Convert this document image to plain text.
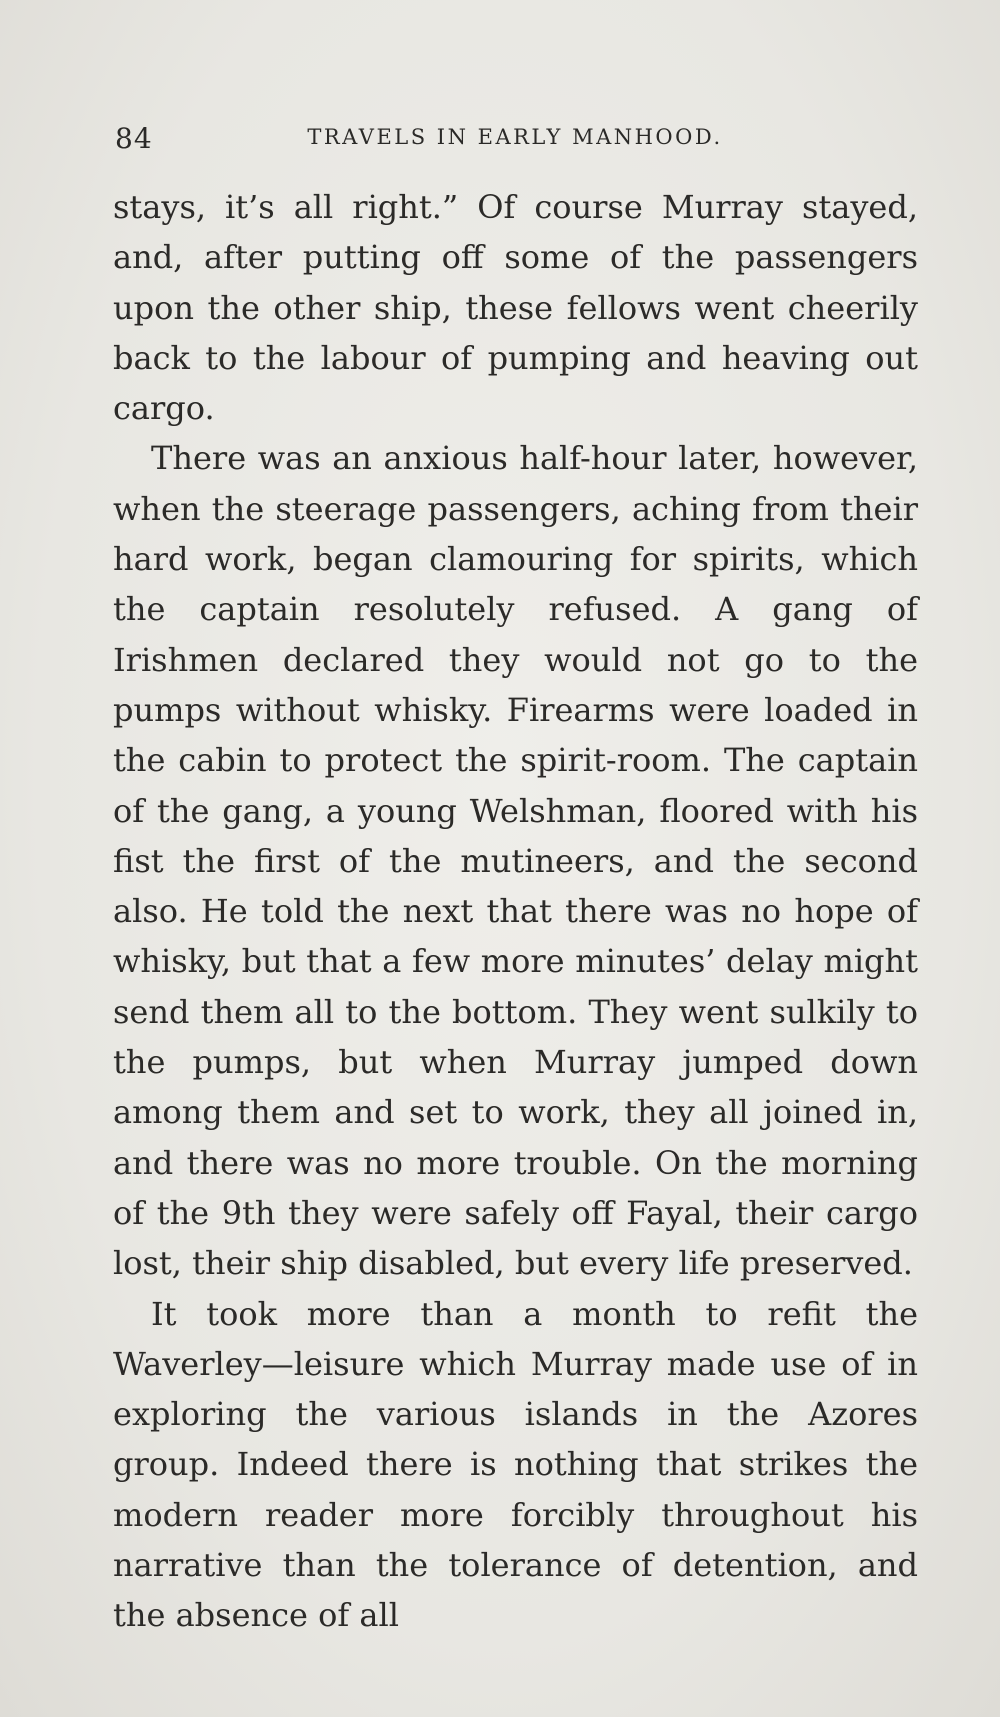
84	TRAVELS IN EARLY MANHOOD.

stays, it’s all right.” Of course Murray stayed, and, after putting off some of the passengers upon the other ship, these fellows went cheerily back to the labour of pumping and heaving out cargo.

There was an anxious half-hour later, however, when the steerage passengers, aching from their hard work, began clamouring for spirits, which the captain resolutely refused. A gang of Irishmen declared they would not go to the pumps without whisky. Firearms were loaded in the cabin to protect the spirit-room. The captain of the gang, a young Welshman, floored with his fist the first of the mutineers, and the second also. He told the next that there was no hope of whisky, but that a few more minutes’ delay might send them all to the bottom. They went sulkily to the pumps, but when Murray jumped down among them and set to work, they all joined in, and there was no more trouble. On the morning of the 9th they were safely off Fayal, their cargo lost, their ship disabled, but every life preserved.

It took more than a month to refit the Waverley—leisure which Murray made use of in exploring the various islands in the Azores group. Indeed there is nothing that strikes the modern reader more forcibly throughout his narrative than the tolerance of detention, and the absence of all
